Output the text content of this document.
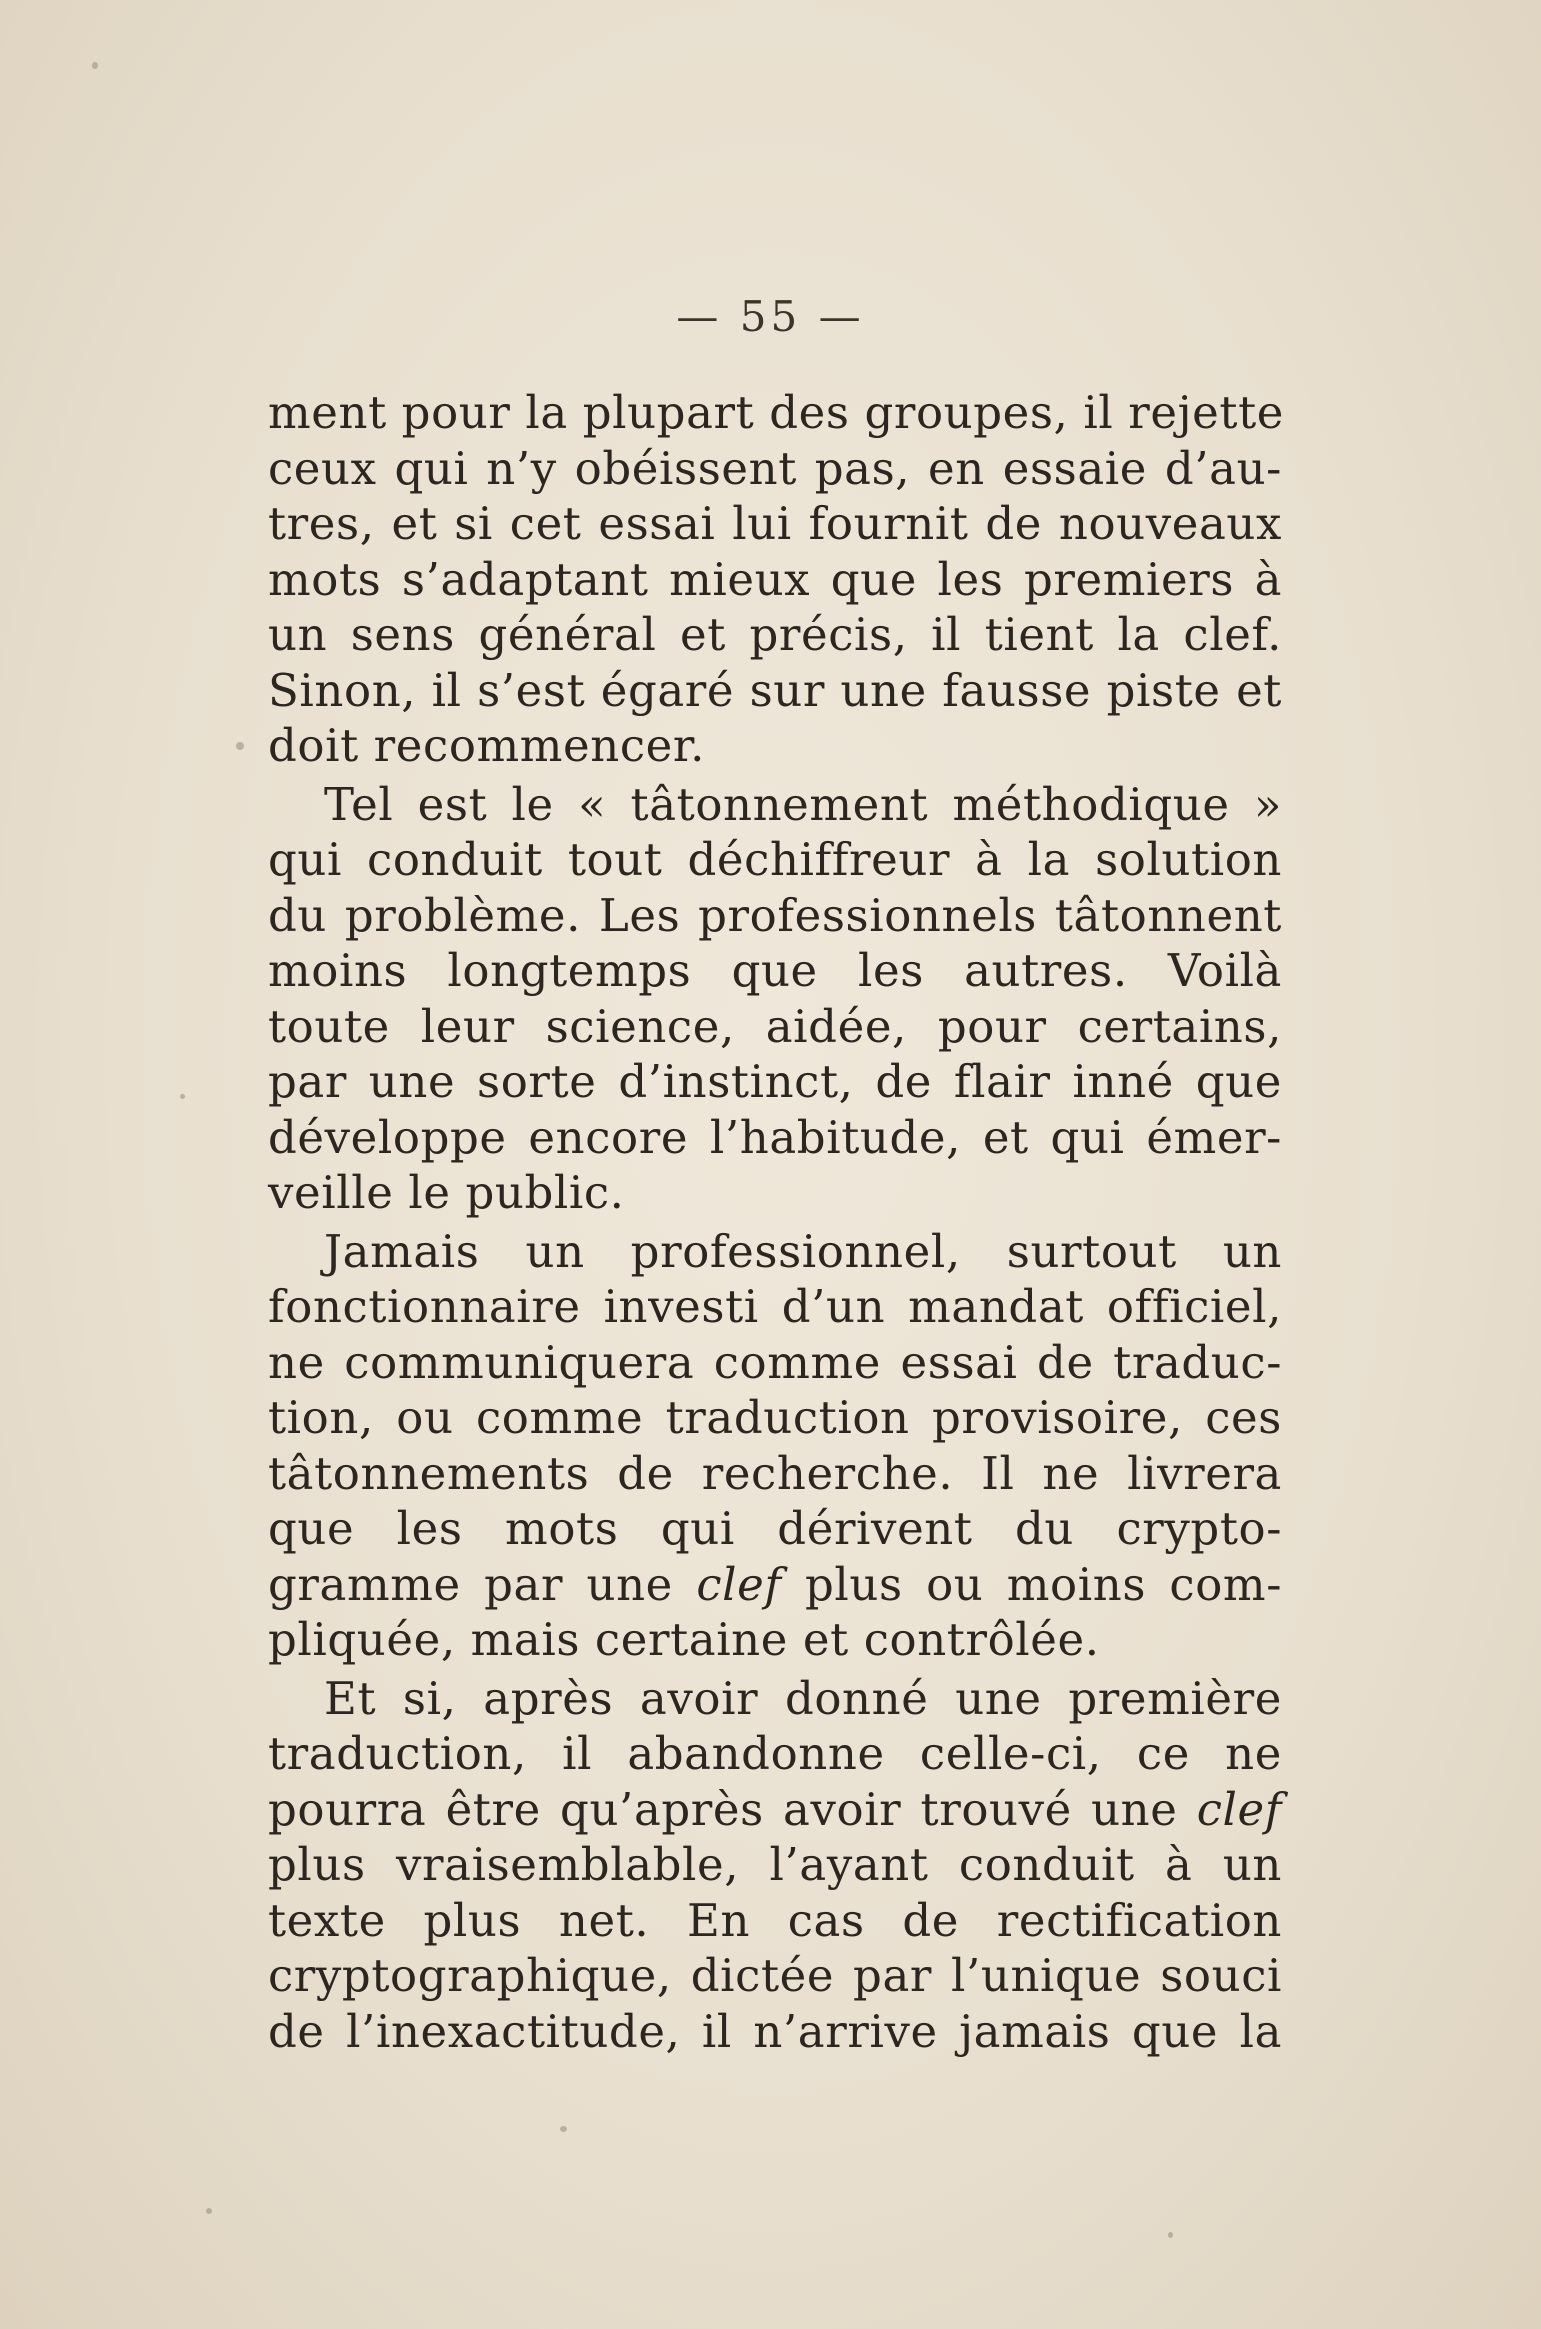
— 55 —
ment pour la plupart des groupes, il rejette
ceux qui n’y obéissent pas, en essaie d’au-
tres, et si cet essai lui fournit de nouveaux
mots s’adaptant mieux que les premiers à
un sens général et précis, il tient la clef.
Sinon, il s’est égaré sur une fausse piste et
doit recommencer.
Tel est le « tâtonnement méthodique »
qui conduit tout déchiffreur à la solution
du problème. Les professionnels tâtonnent
moins longtemps que les autres. Voilà
toute leur science, aidée, pour certains,
par une sorte d’instinct, de flair inné que
développe encore l’habitude, et qui émer-
veille le public.
Jamais un professionnel, surtout un
fonctionnaire investi d’un mandat officiel,
ne communiquera comme essai de traduc-
tion, ou comme traduction provisoire, ces
tâtonnements de recherche. Il ne livrera
que les mots qui dérivent du crypto-
gramme par une clef plus ou moins com-
pliquée, mais certaine et contrôlée.
Et si, après avoir donné une première
traduction, il abandonne celle-ci, ce ne
pourra être qu’après avoir trouvé une clef
plus vraisemblable, l’ayant conduit à un
texte plus net. En cas de rectification
cryptographique, dictée par l’unique souci
de l’inexactitude, il n’arrive jamais que la
